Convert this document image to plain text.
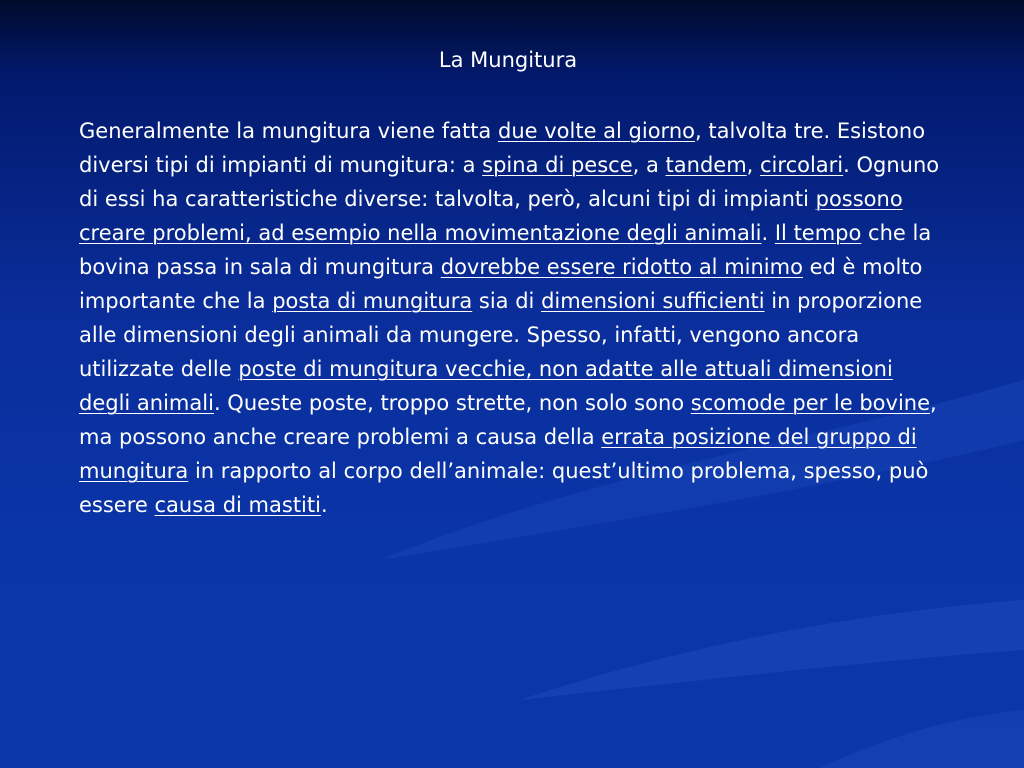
La Mungitura

Generalmente la mungitura viene fatta due volte al giorno, talvolta tre. Esistono diversi tipi di impianti di mungitura: a spina di pesce, a tandem, circolari. Ognuno di essi ha caratteristiche diverse: talvolta, però, alcuni tipi di impianti possono creare problemi, ad esempio nella movimentazione degli animali. Il tempo che la bovina passa in sala di mungitura dovrebbe essere ridotto al minimo ed è molto importante che la posta di mungitura sia di dimensioni sufficienti in proporzione alle dimensioni degli animali da mungere. Spesso, infatti, vengono ancora utilizzate delle poste di mungitura vecchie, non adatte alle attuali dimensioni degli animali. Queste poste, troppo strette, non solo sono scomode per le bovine, ma possono anche creare problemi a causa della errata posizione del gruppo di mungitura in rapporto al corpo dell’animale: quest’ultimo problema, spesso, può essere causa di mastiti.
